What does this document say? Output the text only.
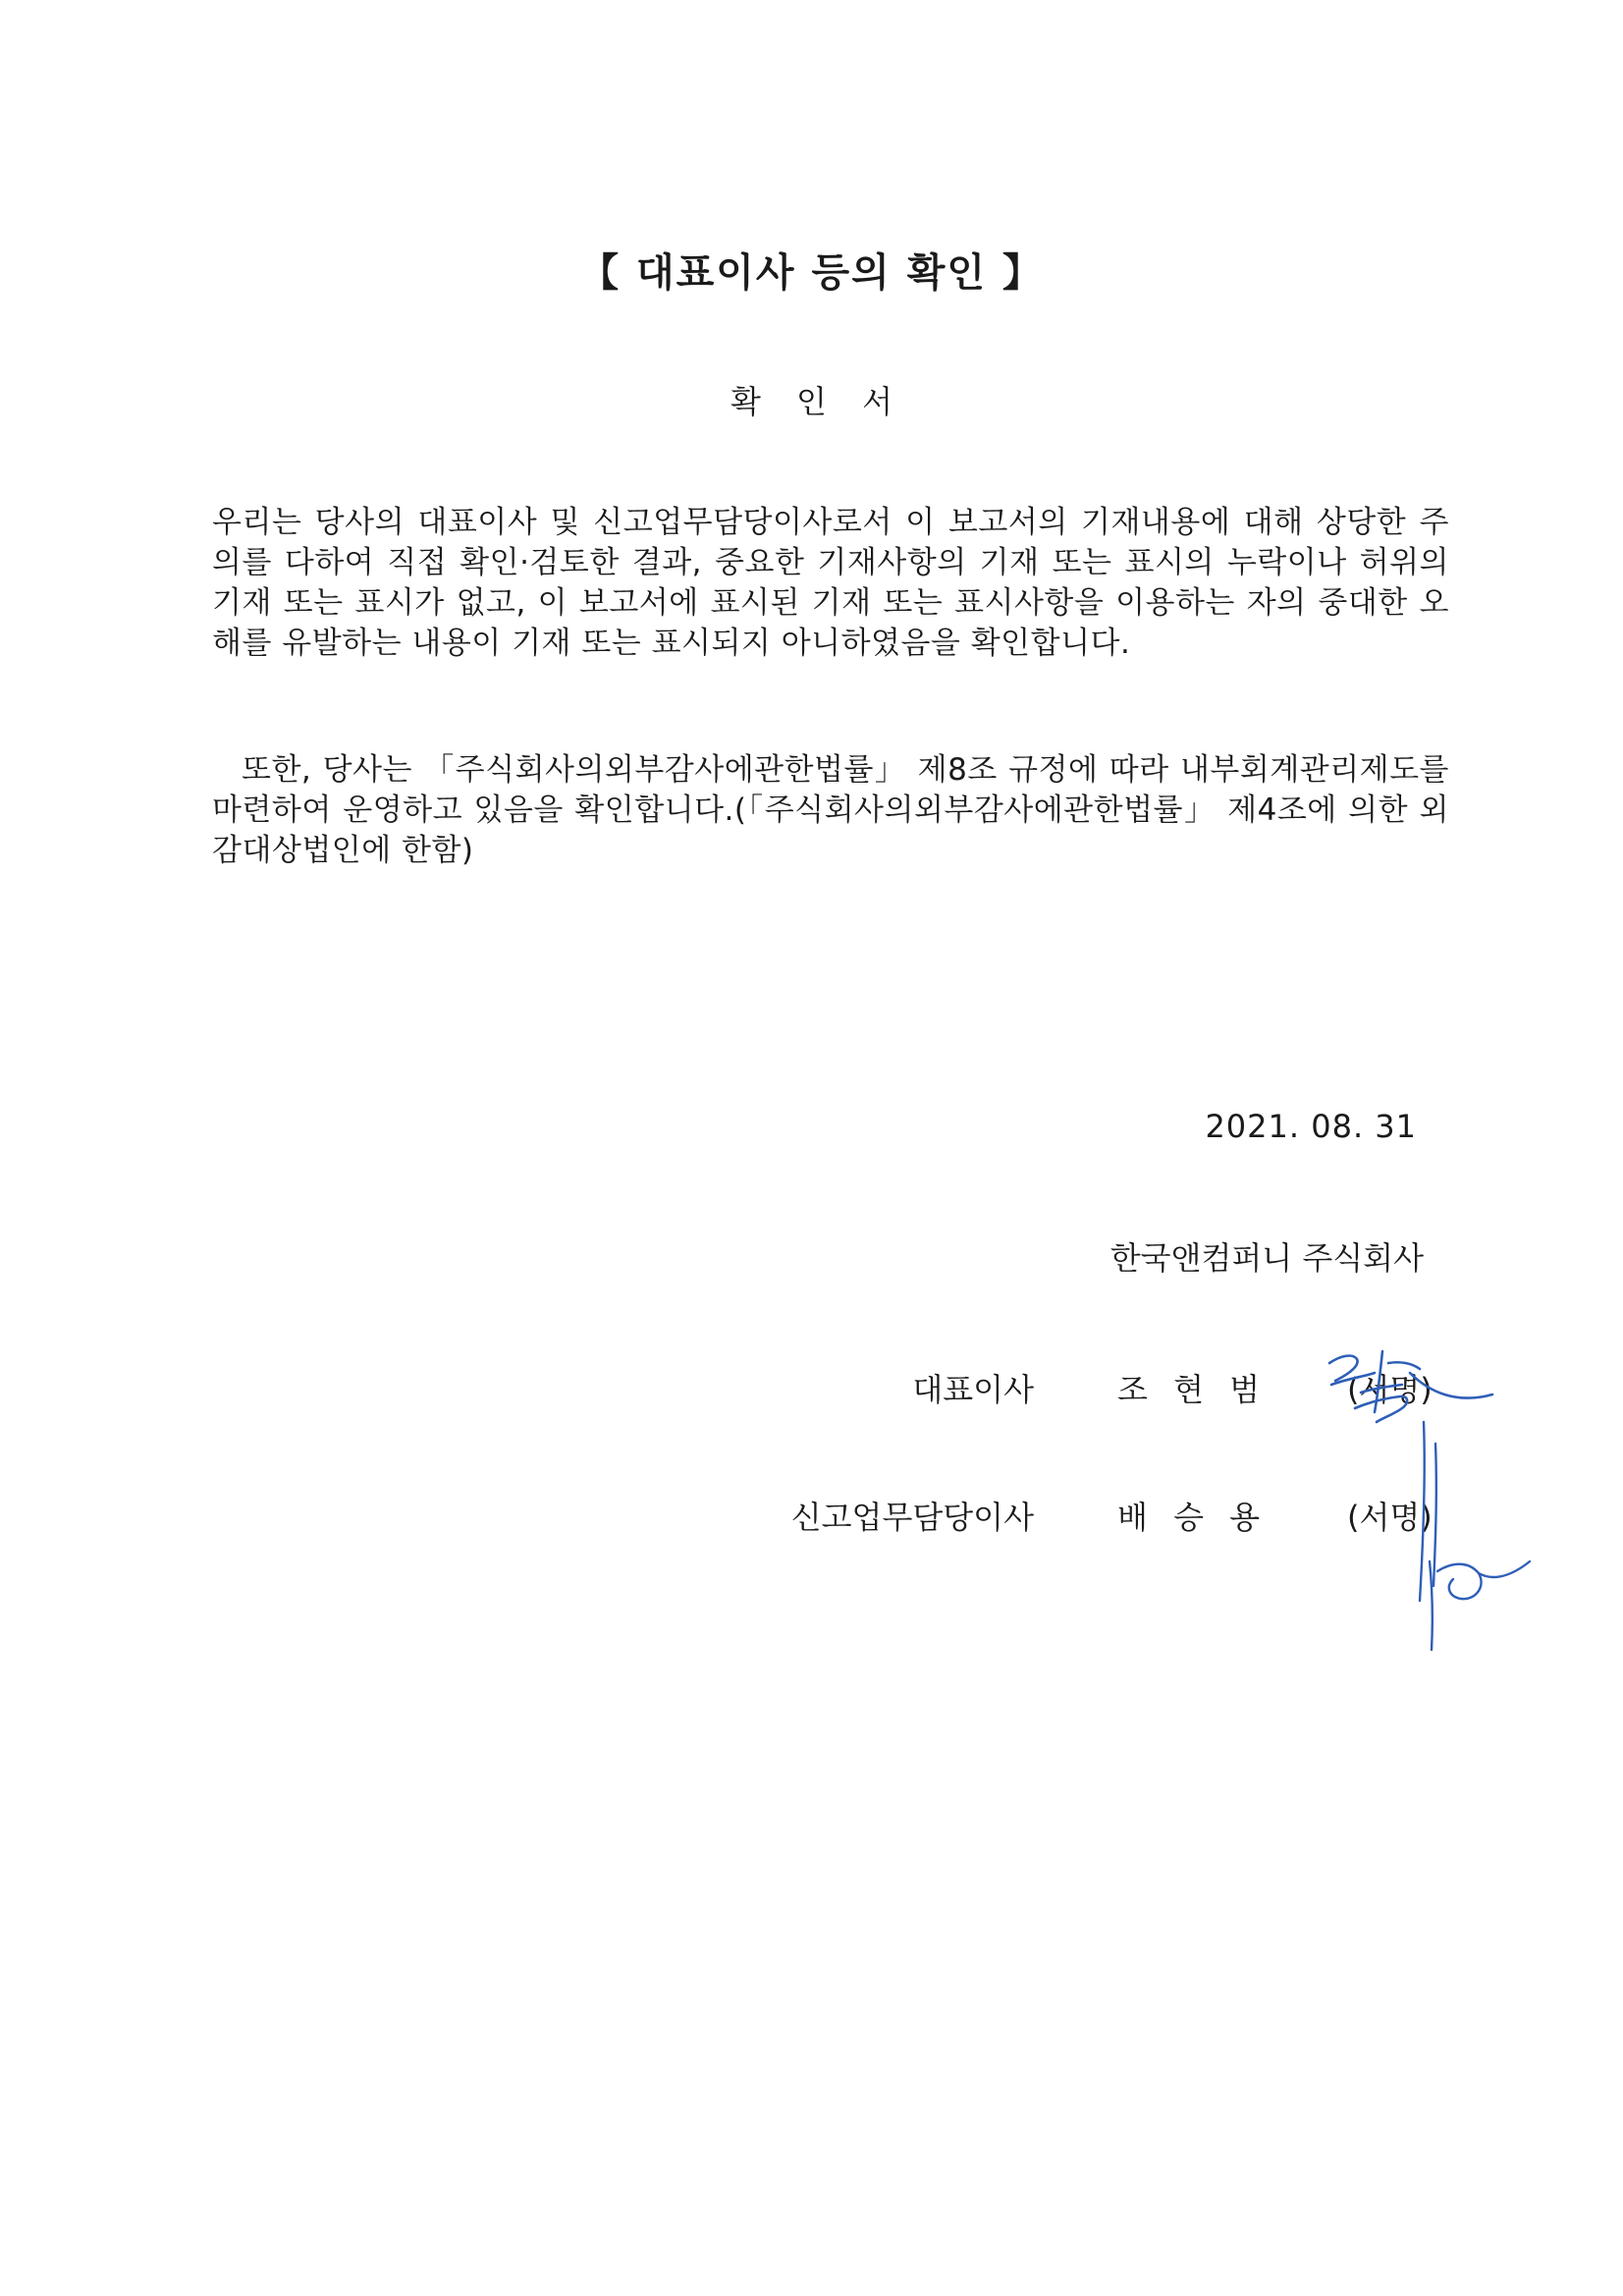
【 대표이사 등의 확인 】
확 인 서
우리는 당사의 대표이사 및 신고업무담당이사로서 이 보고서의 기재내용에 대해 상당한 주의를 다하여 직접 확인·검토한 결과, 중요한 기재사항의 기재 또는 표시의 누락이나 허위의 기재 또는 표시가 없고, 이 보고서에 표시된 기재 또는 표시사항을 이용하는 자의 중대한 오해를 유발하는 내용이 기재 또는 표시되지 아니하였음을 확인합니다.
또한, 당사는 「주식회사의외부감사에관한법률」 제8조 규정에 따라 내부회계관리제도를 마련하여 운영하고 있음을 확인합니다.(「주식회사의외부감사에관한법률」 제4조에 의한 외감대상법인에 한함)
2021. 08. 31
한국앤컴퍼니 주식회사
대표이사	조 현 범	(서명)
신고업무담당이사	배 승 용	(서명)
